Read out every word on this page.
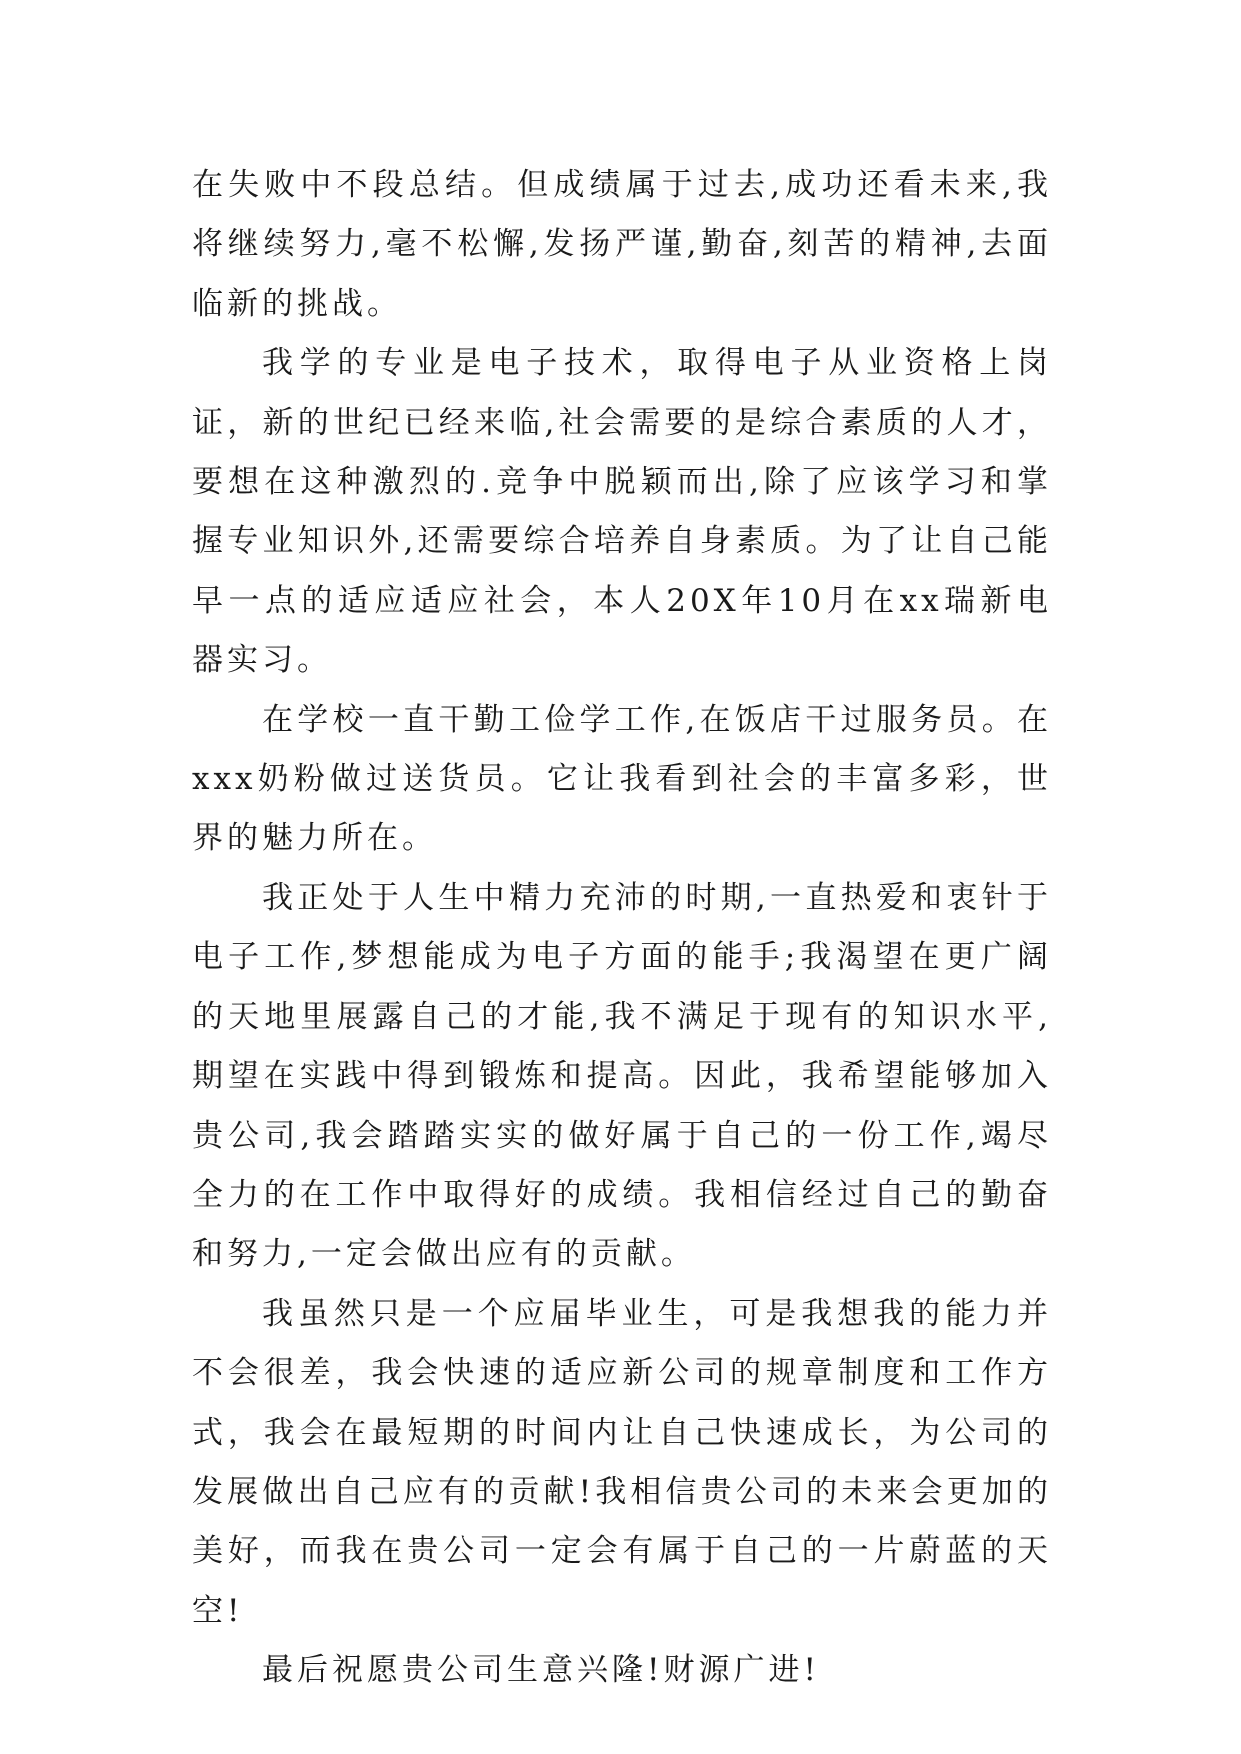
在失败中不段总结。但成绩属于过去,成功还看未来,我将继续努力,毫不松懈,发扬严谨,勤奋,刻苦的精神,去面临新的挑战。

我学的专业是电子技术，取得电子从业资格上岗证，新的世纪已经来临,社会需要的是综合素质的人才，要想在这种激烈的.竞争中脱颖而出,除了应该学习和掌握专业知识外,还需要综合培养自身素质。为了让自己能早一点的适应适应社会，本人20X年10月在xx瑞新电器实习。

在学校一直干勤工俭学工作,在饭店干过服务员。在xxx奶粉做过送货员。它让我看到社会的丰富多彩，世界的魅力所在。

我正处于人生中精力充沛的时期,一直热爱和衷针于电子工作,梦想能成为电子方面的能手;我渴望在更广阔的天地里展露自己的才能,我不满足于现有的知识水平,期望在实践中得到锻炼和提高。因此，我希望能够加入贵公司,我会踏踏实实的做好属于自己的一份工作,竭尽全力的在工作中取得好的成绩。我相信经过自己的勤奋和努力,一定会做出应有的贡献。

我虽然只是一个应届毕业生，可是我想我的能力并不会很差，我会快速的适应新公司的规章制度和工作方式，我会在最短期的时间内让自己快速成长，为公司的发展做出自己应有的贡献!我相信贵公司的未来会更加的美好，而我在贵公司一定会有属于自己的一片蔚蓝的天空!

最后祝愿贵公司生意兴隆!财源广进!
